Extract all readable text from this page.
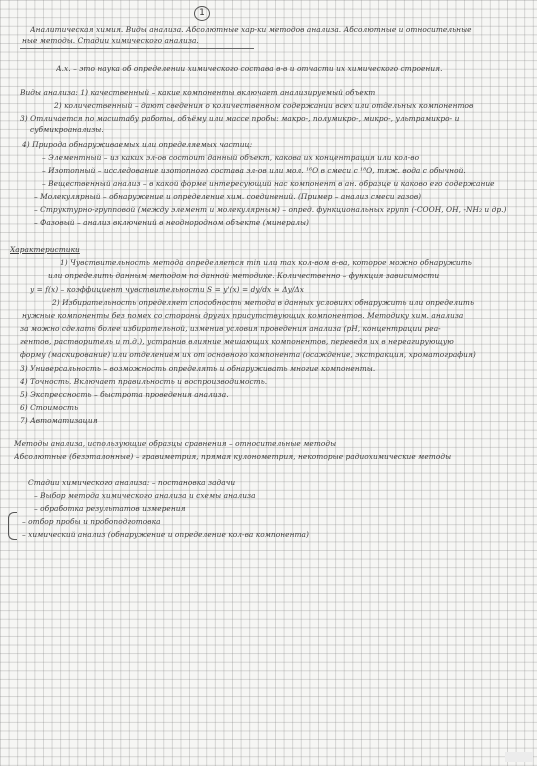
1
Аналитическая химия. Виды анализа. Абсолютные хар-ки методов анализа. Абсолютные и относительные
ные методы. Стадии химического анализа.
А.х. – это наука об определении химического состава в-в и отчасти их химического строения.
Виды анализа: 1) качественный – какие компоненты включает анализируемый объект
2) количественный – дают сведения о количественном содержании всех или отдельных компонентов
3) Отличается по масштабу работы, объёму или массе пробы: макро-, полумикро-, микро-, ультрамикро- и
субмикроанализы.
4) Природа обнаруживаемых или определяемых частиц:
– Элементный – из каких эл-ов состоит данный объект, какова их концентрация или кол-во
– Изотопный – исследование изотопного состава эл-ов или мол. ¹⁶О в смеси с ¹⁸О, тяж. вода с обычной.
– Вещественный анализ – в какой форме интересующий нас компонент в ан. образце и каково его содержание
– Молекулярный – обнаружение и определение хим. соединений. (Пример – анализ смеси газов)
– Структурно-групповой (между элемент и молекулярным) – опред. функциональных групп (-COOH, OH, -NH₂ и др.)
– Фазовый – анализ включений в неоднородном объекте (минералы)
Характеристики
1) Чувствительность метода определяется min или max кол-вом в-ва, которое можно обнаружить
или определить данным методом по данной методике. Количественно – функция зависимости
y = f(x) – коэффициент чувствительности S = y'(x) = dy/dx ≈ Δy/Δx
2) Избирательность определяет способность метода в данных условиях обнаружить или определить
нужные компоненты без помех со стороны других присутствующих компонентов. Методику хим. анализа
за можно сделать более избирательной, изменив условия проведения анализа (pH, концентрации реа-
гентов, растворитель и т.д.), устранив влияние мешающих компонентов, переведя их в нереагирующую
форму (маскирование) или отделением их от основного компонента (осаждение, экстракция, хроматография)
3) Универсальность – возможность определять и обнаруживать многие компоненты.
4) Точность. Включает правильность и воспроизводимость.
5) Экспрессность – быстрота проведения анализа.
6) Стоимость
7) Автоматизация
Методы анализа, использующие образцы сравнения – относительные методы
Абсолютные (безэталонные) – гравиметрия, прямая кулонометрия, некоторые радиохимические методы
Стадии химического анализа: – постановка задачи
– Выбор метода химического анализа и схемы анализа
– обработка результатов измерения
– отбор пробы и пробоподготовка
– химический анализ (обнаружение и определение кол-ва компонента)
